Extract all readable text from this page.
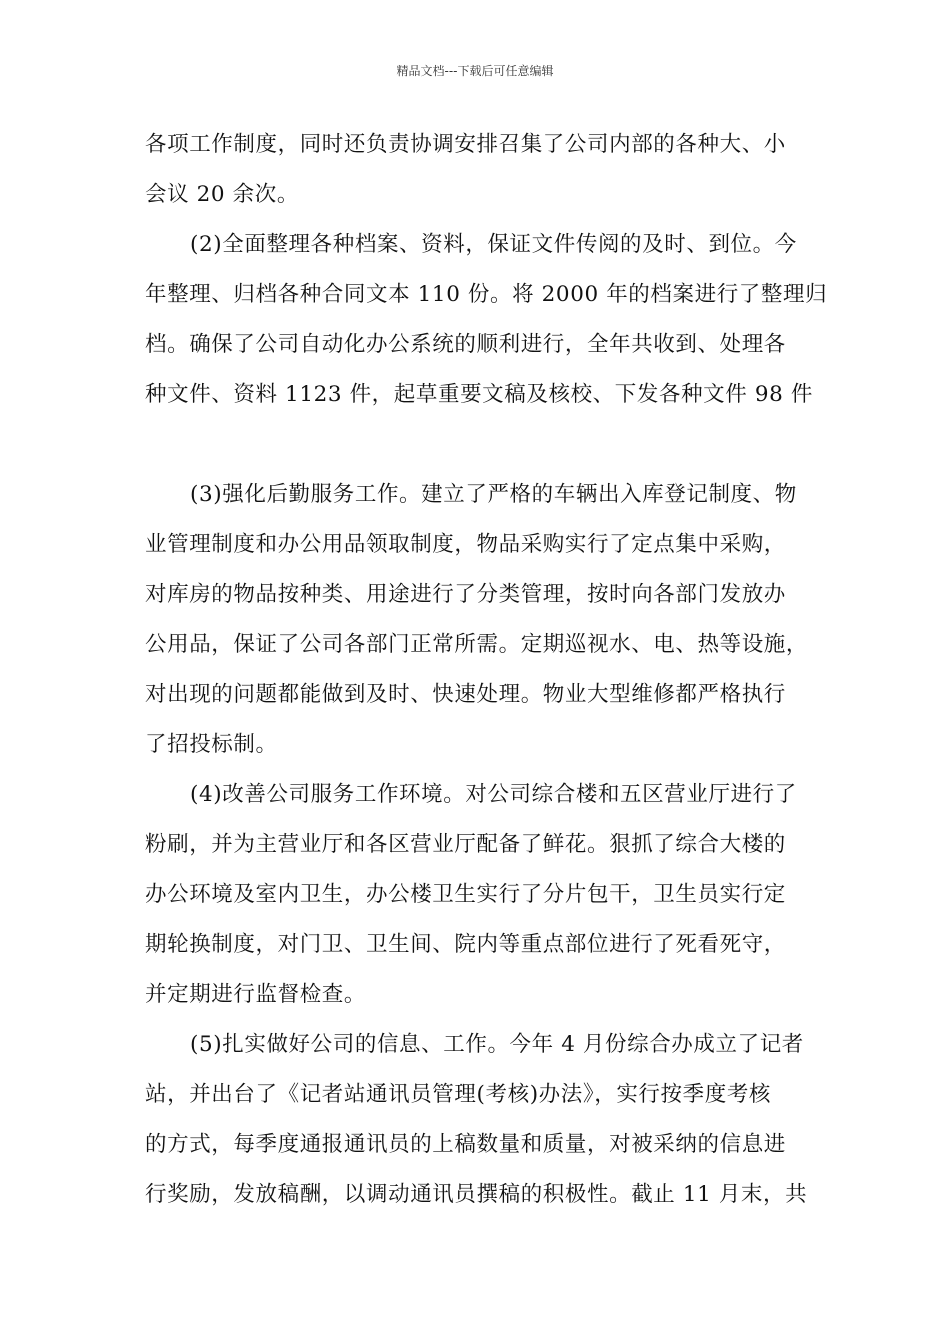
精品文档---下载后可任意编辑
各项工作制度，同时还负责协调安排召集了公司内部的各种大、小
会议 20 余次。
(2)全面整理各种档案、资料，保证文件传阅的及时、到位。今
年整理、归档各种合同文本 110 份。将 2000 年的档案进行了整理归
档。确保了公司自动化办公系统的顺利进行，全年共收到、处理各
种文件、资料 1123 件，起草重要文稿及核校、下发各种文件 98 件
(3)强化后勤服务工作。建立了严格的车辆出入库登记制度、物
业管理制度和办公用品领取制度，物品采购实行了定点集中采购，
对库房的物品按种类、用途进行了分类管理，按时向各部门发放办
公用品，保证了公司各部门正常所需。定期巡视水、电、热等设施，
对出现的问题都能做到及时、快速处理。物业大型维修都严格执行
了招投标制。
(4)改善公司服务工作环境。对公司综合楼和五区营业厅进行了
粉刷，并为主营业厅和各区营业厅配备了鲜花。狠抓了综合大楼的
办公环境及室内卫生，办公楼卫生实行了分片包干，卫生员实行定
期轮换制度，对门卫、卫生间、院内等重点部位进行了死看死守，
并定期进行监督检查。
(5)扎实做好公司的信息、工作。今年 4 月份综合办成立了记者
站，并出台了《记者站通讯员管理(考核)办法》，实行按季度考核
的方式，每季度通报通讯员的上稿数量和质量，对被采纳的信息进
行奖励，发放稿酬，以调动通讯员撰稿的积极性。截止 11 月末，共
